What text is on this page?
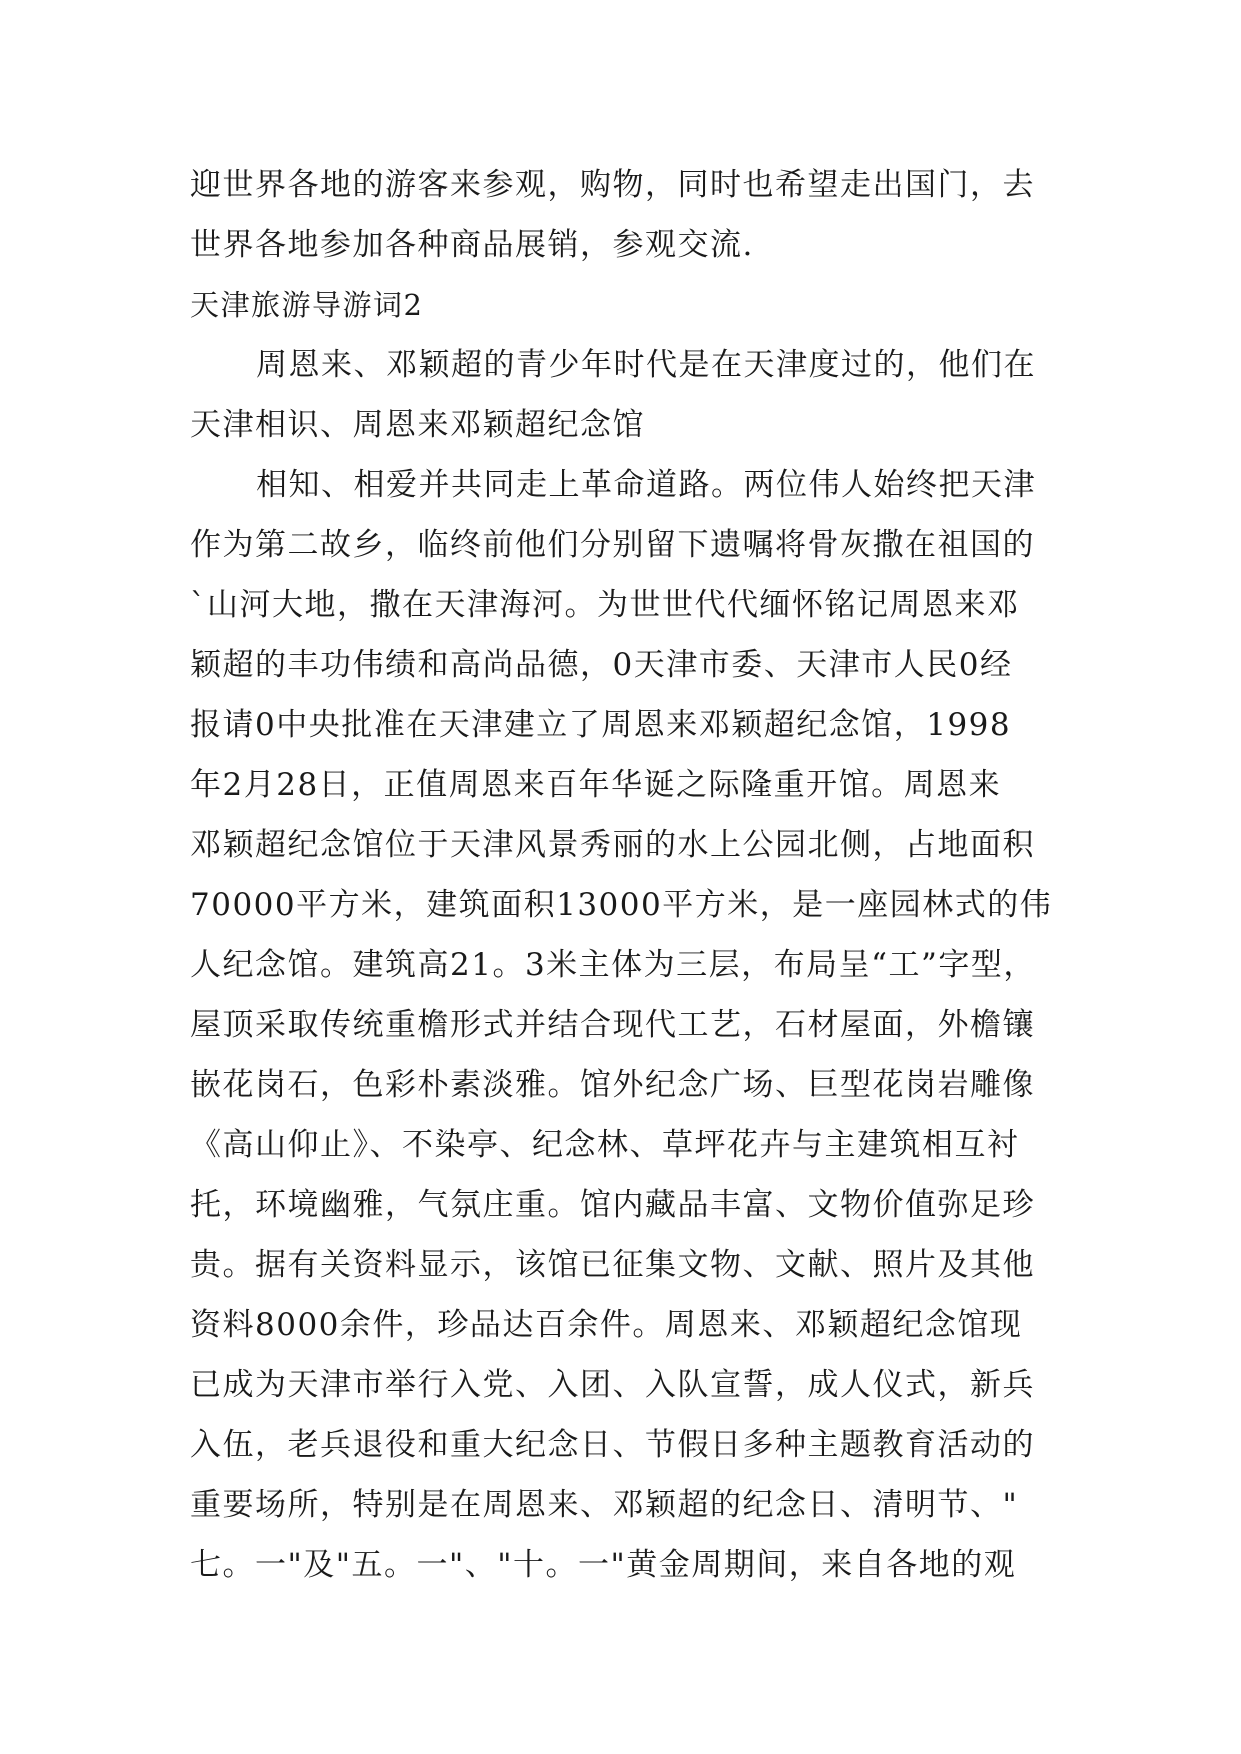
迎世界各地的游客来参观，购物，同时也希望走出国门，去
世界各地参加各种商品展销，参观交流.
天津旅游导游词2
周恩来、邓颖超的青少年时代是在天津度过的，他们在
天津相识、周恩来邓颖超纪念馆
相知、相爱并共同走上革命道路。两位伟人始终把天津
作为第二故乡，临终前他们分别留下遗嘱将骨灰撒在祖国的
`山河大地，撒在天津海河。为世世代代缅怀铭记周恩来邓
颖超的丰功伟绩和高尚品德，0天津市委、天津市人民0经
报请0中央批准在天津建立了周恩来邓颖超纪念馆，1998
年2月28日，正值周恩来百年华诞之际隆重开馆。周恩来
邓颖超纪念馆位于天津风景秀丽的水上公园北侧，占地面积
70000平方米，建筑面积13000平方米，是一座园林式的伟
人纪念馆。建筑高21。3米主体为三层，布局呈“工”字型，
屋顶采取传统重檐形式并结合现代工艺，石材屋面，外檐镶
嵌花岗石，色彩朴素淡雅。馆外纪念广场、巨型花岗岩雕像
《高山仰止》、不染亭、纪念林、草坪花卉与主建筑相互衬
托，环境幽雅，气氛庄重。馆内藏品丰富、文物价值弥足珍
贵。据有关资料显示，该馆已征集文物、文献、照片及其他
资料8000余件，珍品达百余件。周恩来、邓颖超纪念馆现
已成为天津市举行入党、入团、入队宣誓，成人仪式，新兵
入伍，老兵退役和重大纪念日、节假日多种主题教育活动的
重要场所，特别是在周恩来、邓颖超的纪念日、清明节、"
七。一"及"五。一"、"十。一"黄金周期间，来自各地的观
